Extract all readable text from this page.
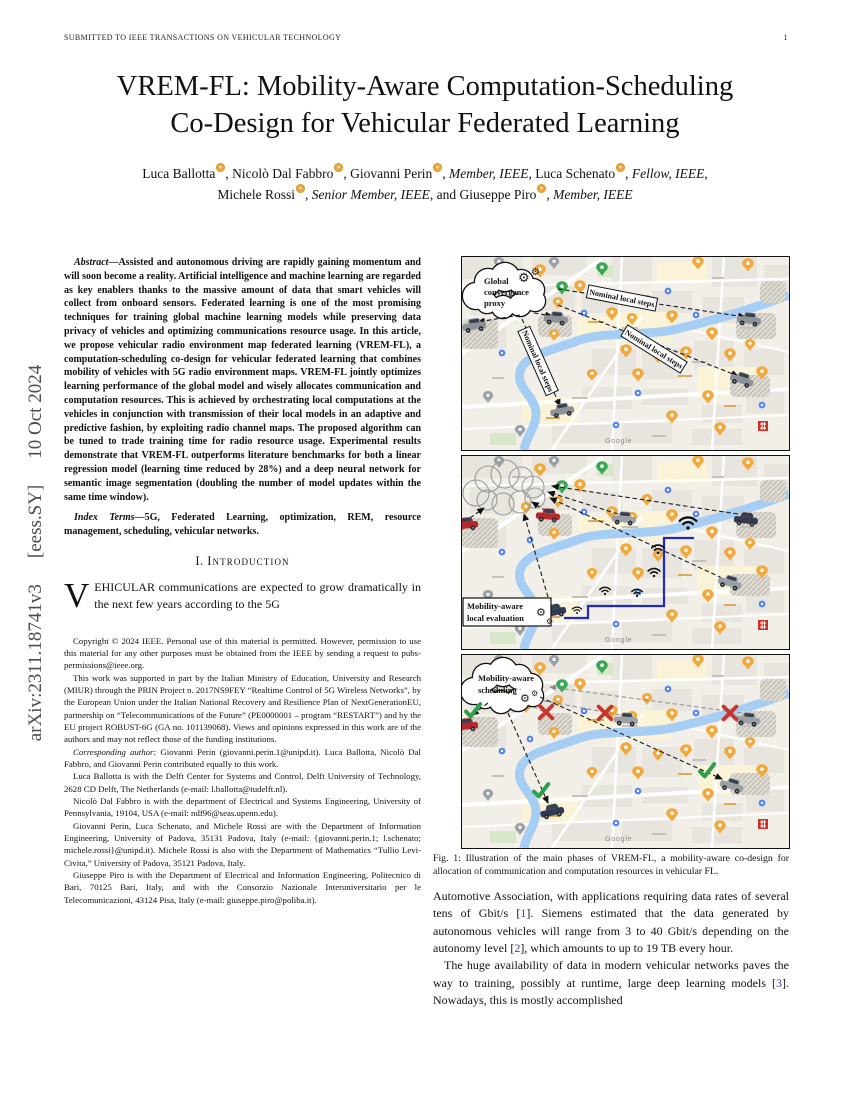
SUBMITTED TO IEEE TRANSACTIONS ON VEHICULAR TECHNOLOGY	1
arXiv:2311.18741v3[eess.SY]10 Oct 2024
VREM-FL: Mobility-Aware Computation-Scheduling
Co-Design for Vehicular Federated Learning
Luca Ballotta , Nicolò Dal Fabbro , Giovanni Perin , Member, IEEE, Luca Schenato , Fellow, IEEE,
Michele Rossi , Senior Member, IEEE, and Giuseppe Piro , Member, IEEE

Abstract—Assisted and autonomous driving are rapidly gaining momentum and will soon become a reality. Artificial intelligence and machine learning are regarded as key enablers thanks to the massive amount of data that smart vehicles will collect from onboard sensors. Federated learning is one of the most promising techniques for training global machine learning models while preserving data privacy of vehicles and optimizing communications resource usage. In this article, we propose vehicular radio environment map federated learning (VREM-FL), a computation-scheduling co-design for vehicular federated learning that combines mobility of vehicles with 5G radio environment maps. VREM-FL jointly optimizes learning performance of the global model and wisely allocates communication and computation resources. This is achieved by orchestrating local computations at the vehicles in conjunction with transmission of their local models in an adaptive and predictive fashion, by exploiting radio channel maps. The proposed algorithm can be tuned to trade training time for radio resource usage. Experimental results demonstrate that VREM-FL outperforms literature benchmarks for both a linear regression model (learning time reduced by 28%) and a deep neural network for semantic image segmentation (doubling the number of model updates within the same time window).

Index Terms—5G, Federated Learning, optimization, REM, resource management, scheduling, vehicular networks.

I. Introduction

VEHICULAR communications are expected to grow dramatically in the next few years according to the 5G

Copyright © 2024 IEEE. Personal use of this material is permitted. However, permission to use this material for any other purposes must be obtained from the IEEE by sending a request to pubs-permissions@ieee.org.

This work was supported in part by the Italian Ministry of Education, University and Research (MIUR) through the PRIN Project n. 2017NS9FEY “Realtime Control of 5G Wireless Networks”, by the European Union under the Italian National Recovery and Resilience Plan of NextGenerationEU, partnership on “Telecommunications of the Future” (PE0000001 – program “RESTART”) and by the EU project ROBUST-6G (GA no. 101139068). Views and opinions expressed in this work are of the authors and may not reflect those of the funding institutions.

Corresponding author: Giovanni Perin (giovanni.perin.1@unipd.it). Luca Ballotta, Nicolò Dal Fabbro, and Giovanni Perin contributed equally to this work.

Luca Ballotta is with the Delft Center for Systems and Control, Delft University of Technology, 2628 CD Delft, The Netherlands (e-mail: l.ballotta@tudelft.nl).

Nicolò Dal Fabbro is with the department of Electrical and Systems Engineering, University of Pennsylvania, 19104, USA (e-mail: ndf96@seas.upenn.edu).

Giovanni Perin, Luca Schenato, and Michele Rossi are with the Department of Information Engineering, University of Padova, 35131 Padova, Italy (e-mail: {giovanni.perin.1; l.schenato; michele.rossi}@unipd.it). Michele Rossi is also with the Department of Mathematics “Tullio Levi-Civita,” University of Padova, 35121 Padova, Italy.

Giuseppe Piro is with the Department of Electrical and Information Engineering, Politecnico di Bari, 70125 Bari, Italy, and with the Consorzio Nazionale Interuniversitario per le Telecomunicazioni, 43124 Pisa, Italy (e-mail: giuseppe.piro@poliba.it).

Global
convergence
proxy
⚙ ⚙
Nominal local steps
Nominal local steps
Nominal local steps
Google
Mobility-aware
local evaluation ⚙
⚙
Google
Mobility-aware
scheduling
⚙ ⚙
Google
Fig. 1: Illustration of the main phases of VREM-FL, a mobility-aware co-design for allocation of communication and computation resources in vehicular FL.

Automotive Association, with applications requiring data rates of several tens of Gbit/s [1]. Siemens estimated that the data generated by autonomous vehicles will range from 3 to 40 Gbit/s depending on the autonomy level [2], which amounts to up to 19 TB every hour.

The huge availability of data in modern vehicular networks paves the way to training, possibly at runtime, large deep learning models [3]. Nowadays, this is mostly accomplished
